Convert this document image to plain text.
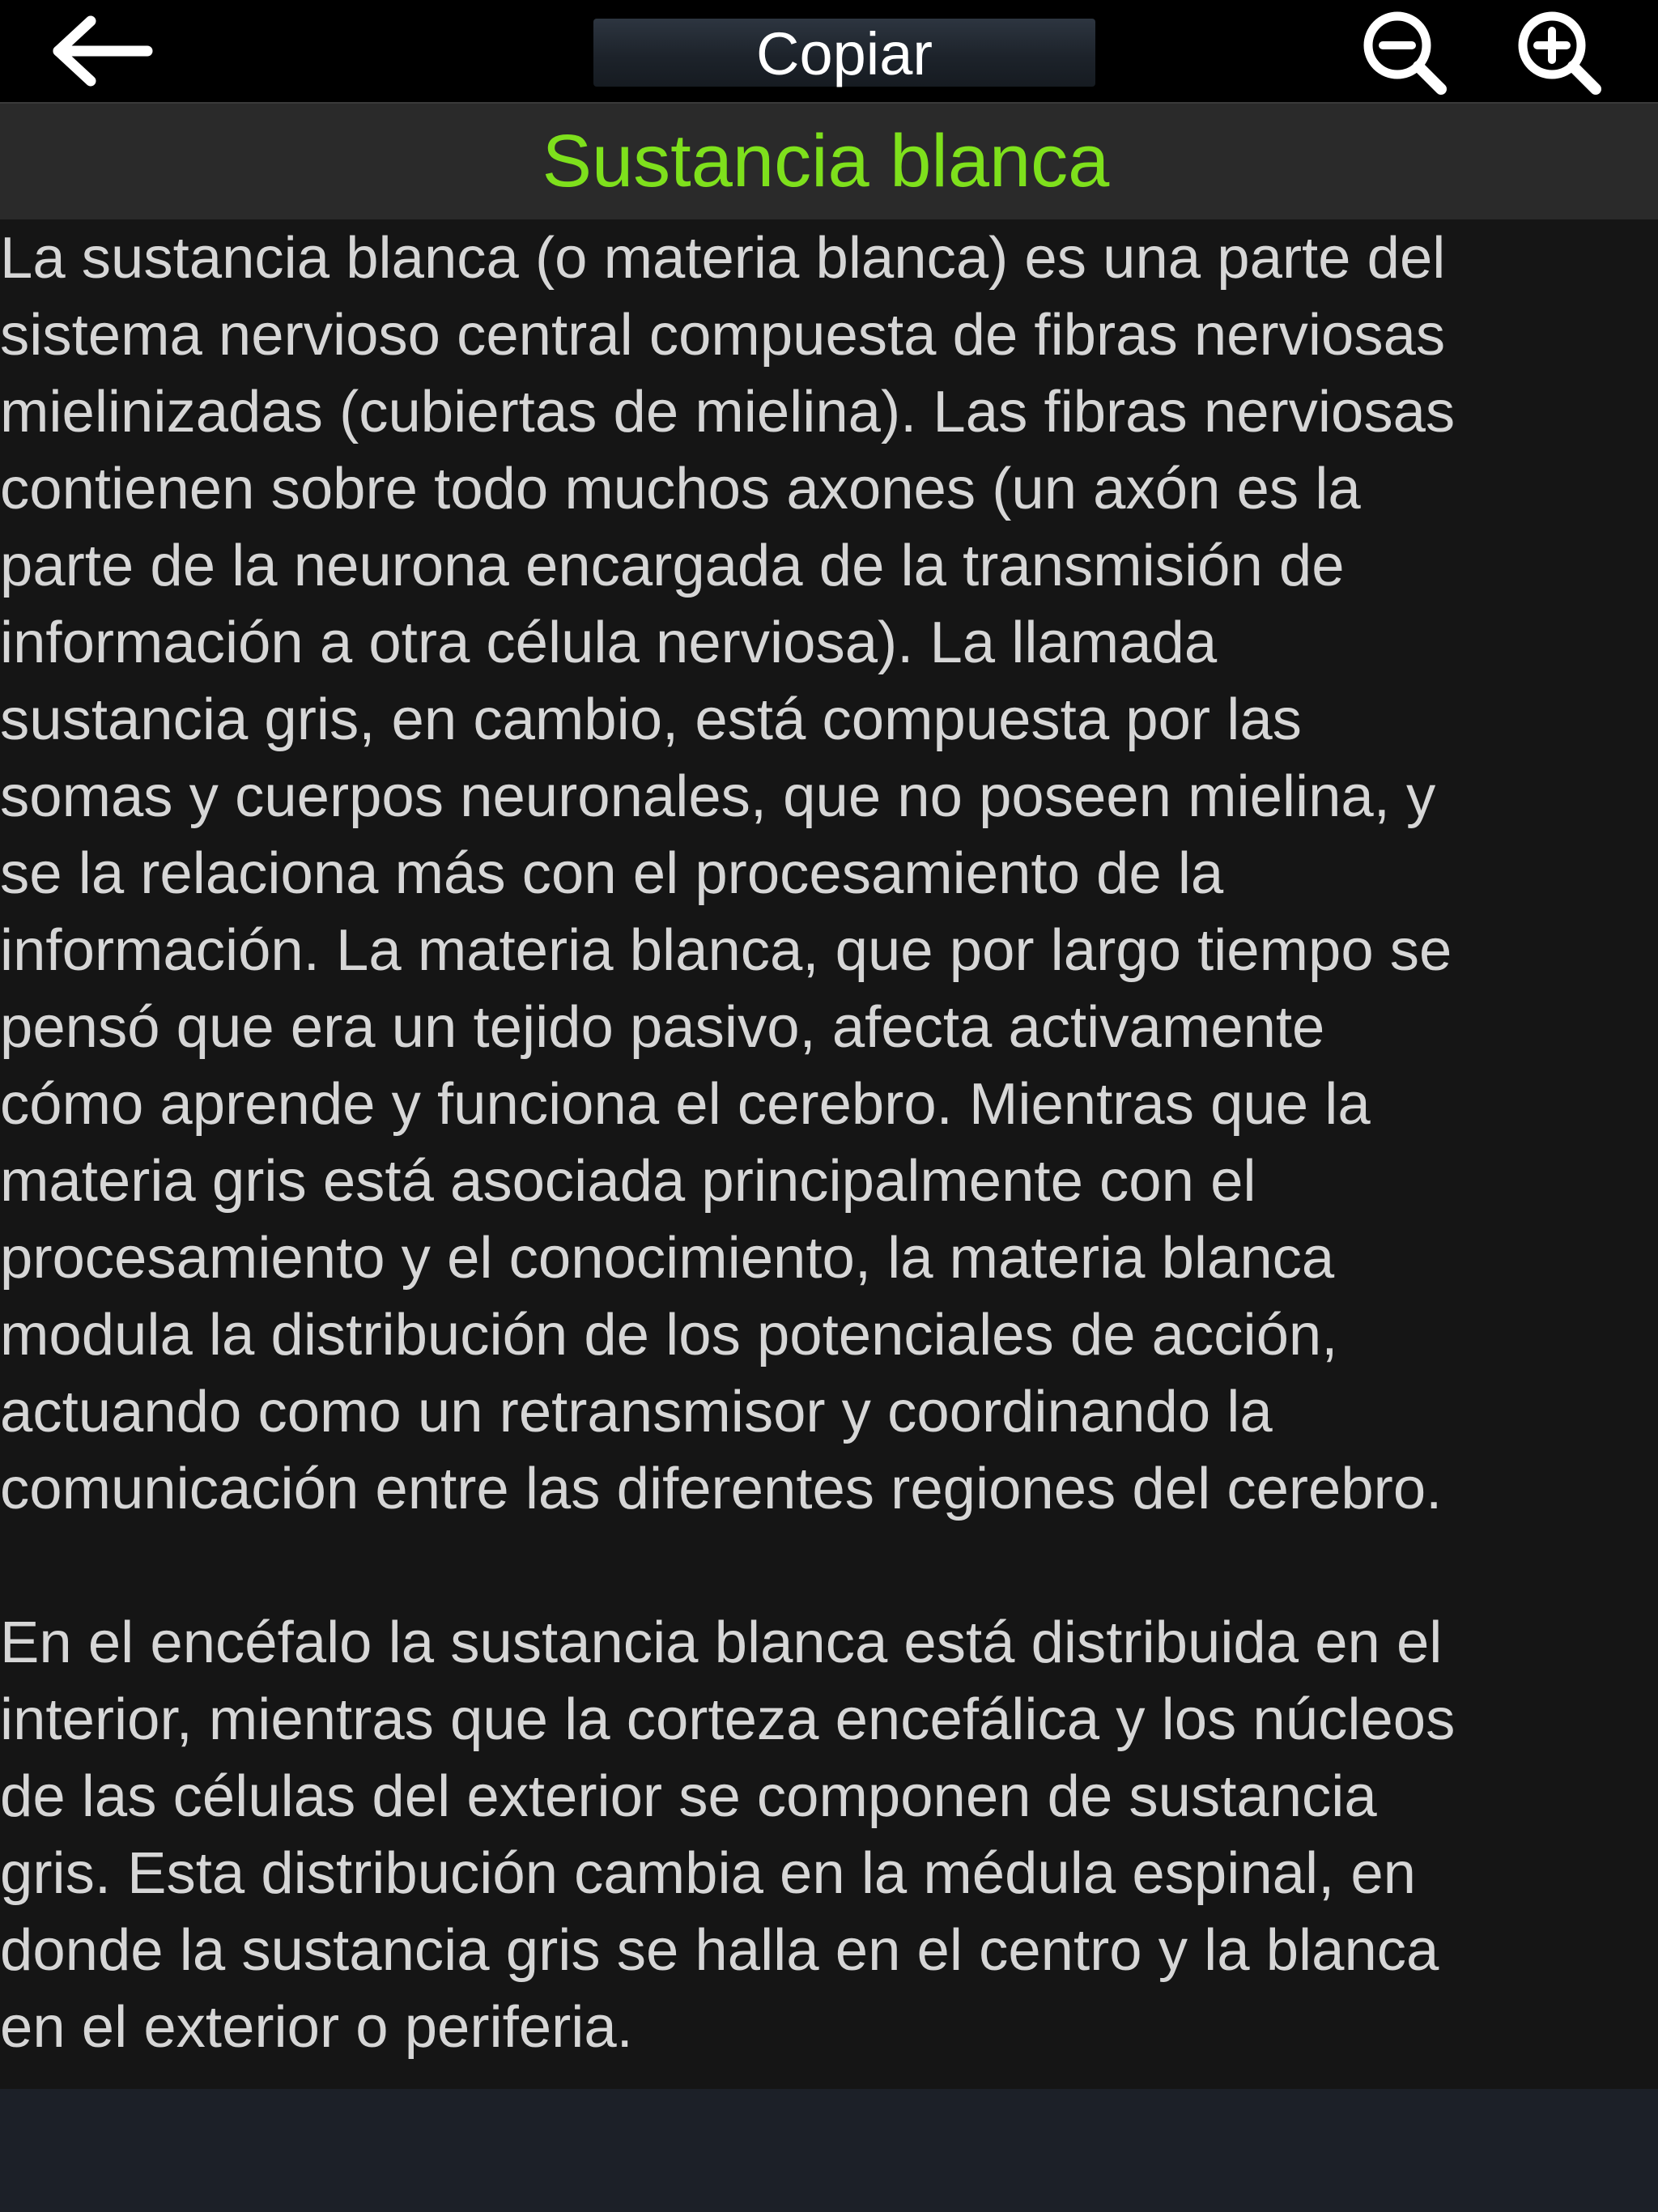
Copiar
Sustancia blanca

La sustancia blanca (o materia blanca) es una parte del
sistema nervioso central compuesta de fibras nerviosas
mielinizadas (cubiertas de mielina). Las fibras nerviosas
contienen sobre todo muchos axones (un axón es la
parte de la neurona encargada de la transmisión de
información a otra célula nerviosa). La llamada
sustancia gris, en cambio, está compuesta por las
somas y cuerpos neuronales, que no poseen mielina, y
se la relaciona más con el procesamiento de la
información. La materia blanca, que por largo tiempo se
pensó que era un tejido pasivo, afecta activamente
cómo aprende y funciona el cerebro. Mientras que la
materia gris está asociada principalmente con el
procesamiento y el conocimiento, la materia blanca
modula la distribución de los potenciales de acción,
actuando como un retransmisor y coordinando la
comunicación entre las diferentes regiones del cerebro.

En el encéfalo la sustancia blanca está distribuida en el
interior, mientras que la corteza encefálica y los núcleos
de las células del exterior se componen de sustancia
gris. Esta distribución cambia en la médula espinal, en
donde la sustancia gris se halla en el centro y la blanca
en el exterior o periferia.
